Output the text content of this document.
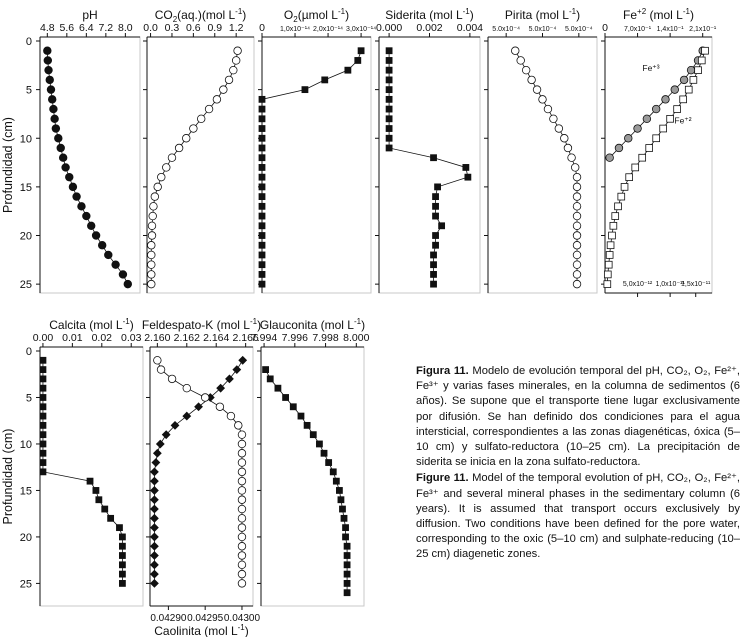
4.8 5.6 6.4 7.2 8.0
pH
0.0 0.3 0.6 0.9 1.2
$CO_2(aq.)(mol$ $L^{-1}$)
0 1,0x10⁻¹⁴ 2,0x10⁻¹⁴ 3,0x10⁻¹⁴
$O_2(\mu mol$ $L^{-1}$)
0.000 0.002 0.004
Siderita (mol $L^{-1}$)
5.0x10⁻⁴ 5.0x10⁻⁴ 5.0x10⁻⁴
Pirita (mol $L^{-1}$)
0 7,0x10⁻¹ 1,4x10⁻¹ 2,1x10⁻¹
5,0x10⁻¹² 1,0x10⁻¹¹
1,5x10⁻¹¹
$Fe^{+2}$ (mol $L^{-1}$)
0.00 0.01 0.02 0.03
Calcita (mol $L^{-1}$)
2.160 2.162 2.164 2.166
0.04290 0.04295 0.04300
Caolinita (mol $L^{-1}$)
Feldespato-K (mol $L^{-1}$)
7.994 7.996 7.998 8.000
Glauconita (mol $L^{-1}$)
Fe⁺³
Fe⁺²
0
5
10
15
20
25
Profundidad (cm)
0
5
10
15
20
25
Profundidad (cm)

Figura 11. Modelo de evolución temporal del pH, CO₂, O₂, Fe²⁺, Fe³⁺ y varias fases minerales, en la columna de sedimentos (6 años). Se supone que el transporte tiene lugar exclusivamente por difusión. Se han definido dos condiciones para el agua intersticial, correspondientes a las zonas diagenéticas, óxica (5–10 cm) y sulfato-reductora (10–25 cm). La precipitación de siderita se inicia en la zona sulfato-reductora.

Figure 11. Model of the temporal evolution of pH, CO₂, O₂, Fe²⁺, Fe³⁺ and several mineral phases in the sedimentary column (6 years). It is assumed that transport occurs exclusively by diffusion. Two conditions have been defined for the pore water, corresponding to the oxic (5–10 cm) and sulphate-reducing (10–25 cm) diagenetic zones.
